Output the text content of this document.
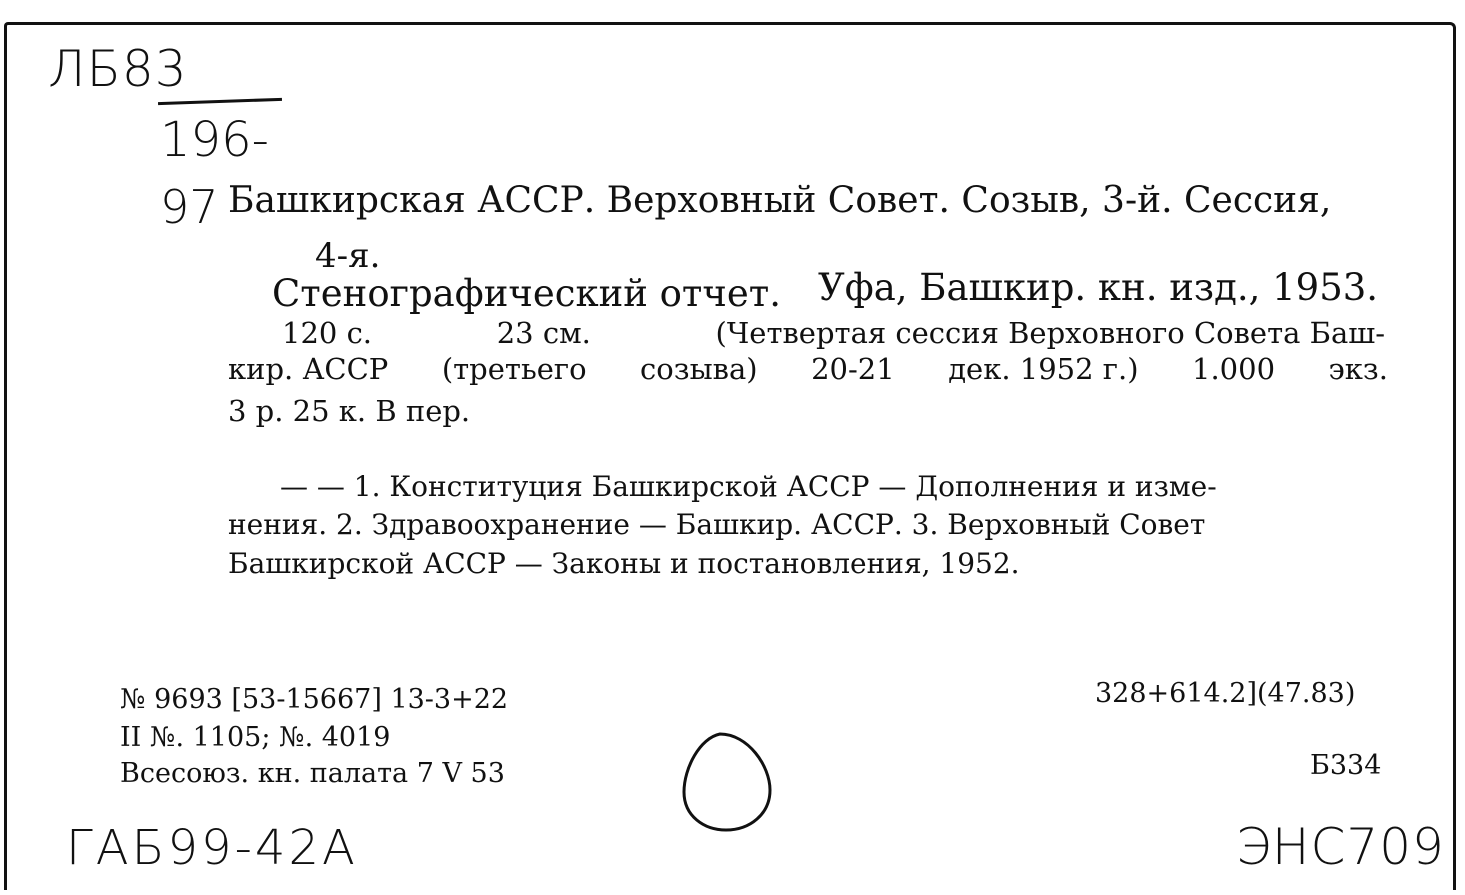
ЛБ83
196-
97 Башкирская АССР. Верховный Совет. Созыв, 3-й. Сессия,
4-я.
Стенографический отчет. Уфа, Башкир. кн. изд., 1953.
120 с.	23 см.	(Четвертая сессия Верховного Совета Баш-
кир. АССР (третьего созыва) 20-21 дек. 1952 г.) 1.000 экз.
3 р. 25 к. В пер.
— — 1. Конституция Башкирской АССР — Дополнения и изме-
нения. 2. Здравоохранение — Башкир. АССР. 3. Верховный Совет
Башкирской АССР — Законы и постановления, 1952.
№ 9693 [53-15667] 13-3+22
II №. 1105; №. 4019
Всесоюз. кн. палата 7 V 53
328+614.2](47.83)
Б334
ГАБ99-42А	ЭНС709
